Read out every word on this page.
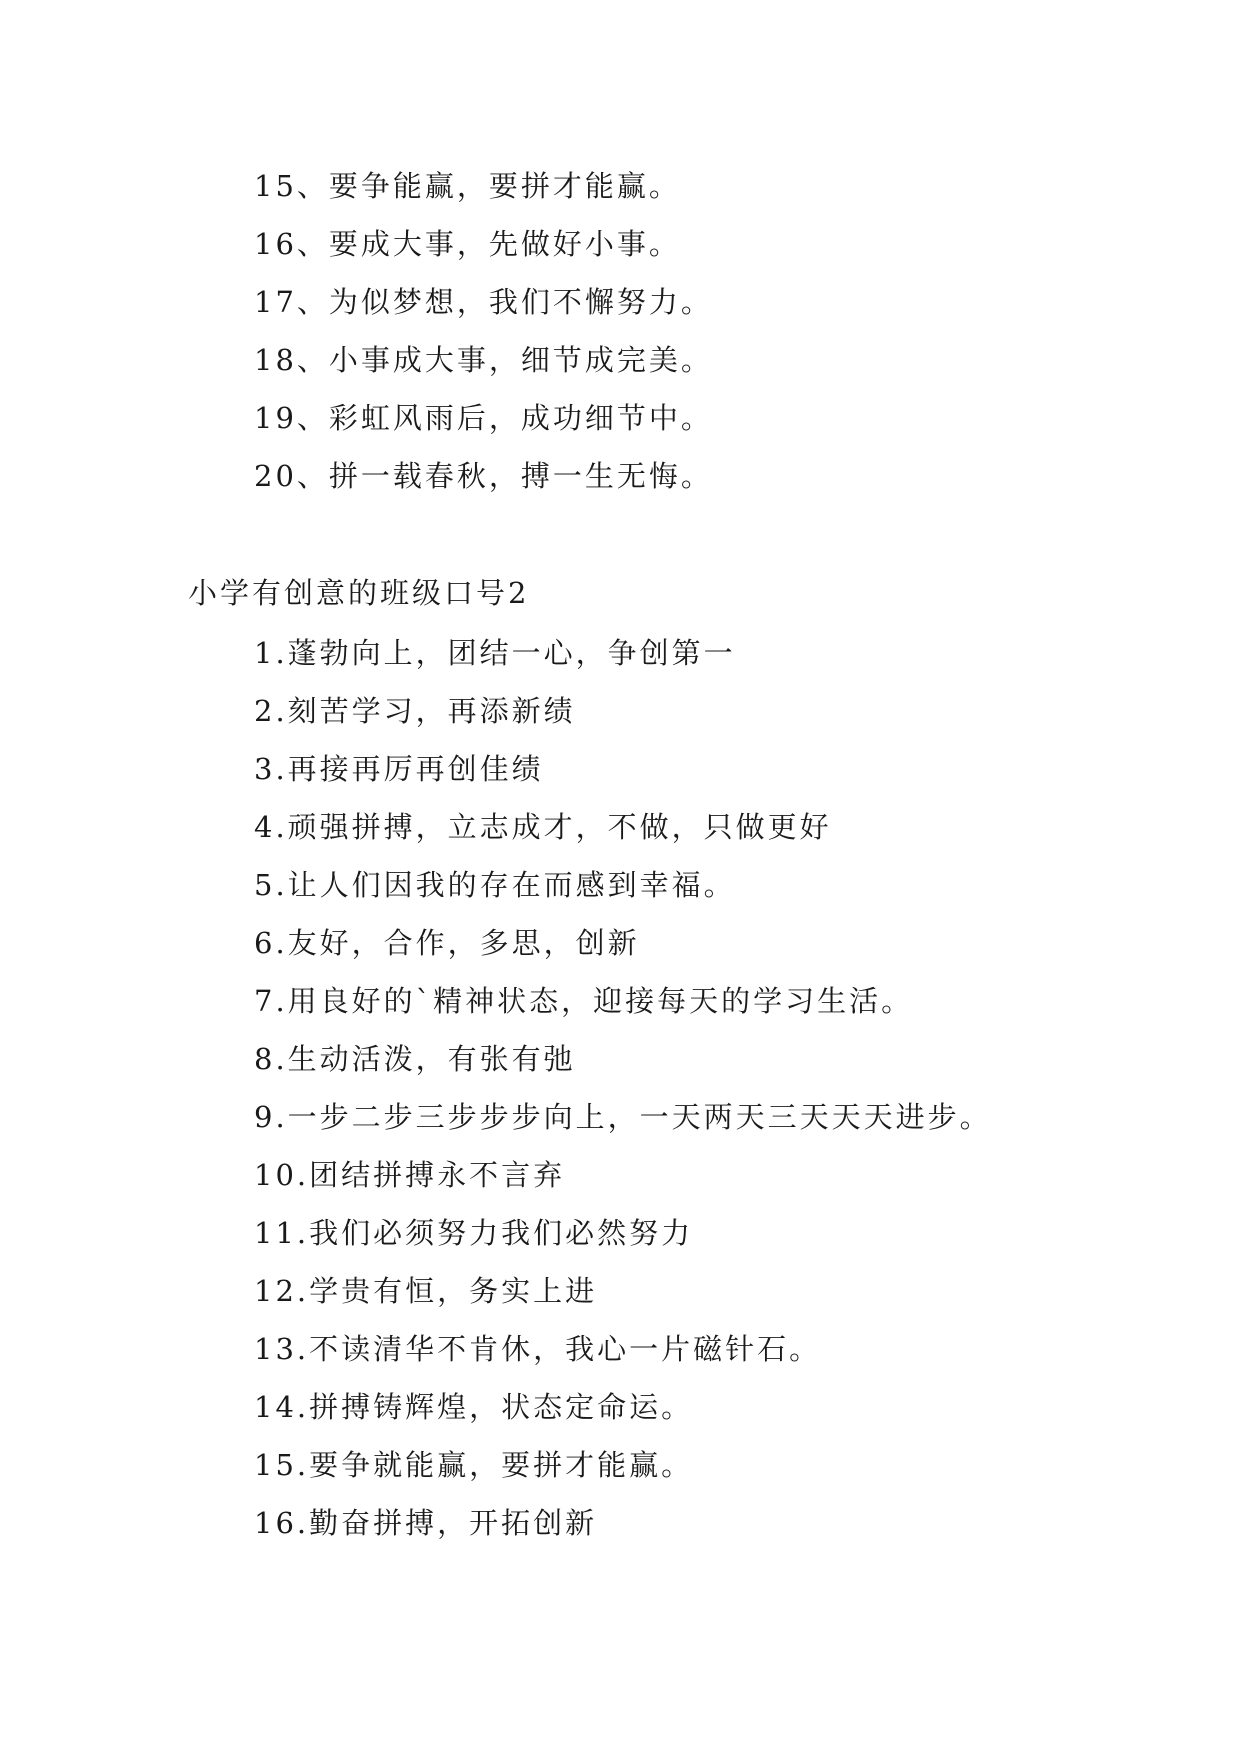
15、要争能赢，要拼才能赢。
16、要成大事，先做好小事。
17、为似梦想，我们不懈努力。
18、小事成大事，细节成完美。
19、彩虹风雨后，成功细节中。
20、拼一载春秋，搏一生无悔。
小学有创意的班级口号2
1.蓬勃向上，团结一心，争创第一
2.刻苦学习，再添新绩
3.再接再厉再创佳绩
4.顽强拼搏，立志成才，不做，只做更好
5.让人们因我的存在而感到幸福。
6.友好，合作，多思，创新
7.用良好的`精神状态，迎接每天的学习生活。
8.生动活泼，有张有弛
9.一步二步三步步步向上，一天两天三天天天进步。
10.团结拼搏永不言弃
11.我们必须努力我们必然努力
12.学贵有恒，务实上进
13.不读清华不肯休，我心一片磁针石。
14.拼搏铸辉煌，状态定命运。
15.要争就能赢，要拼才能赢。
16.勤奋拼搏，开拓创新
